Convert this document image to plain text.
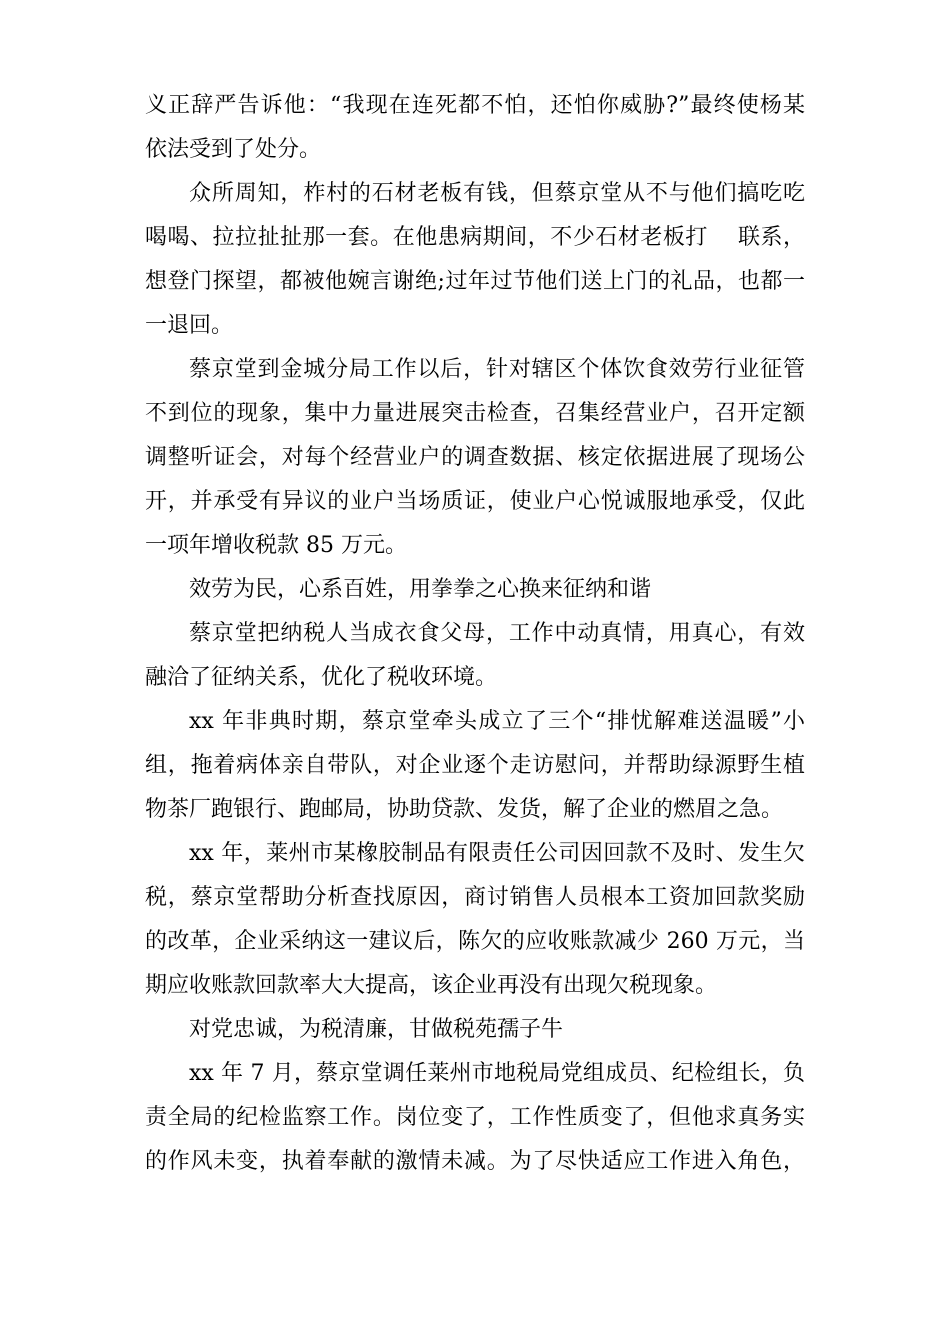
义正辞严告诉他：“我现在连死都不怕，还怕你威胁?”最终使杨某
依法受到了处分。
众所周知，柞村的石材老板有钱，但蔡京堂从不与他们搞吃吃
喝喝、拉拉扯扯那一套。在他患病期间，不少石材老板打　 联系，
想登门探望，都被他婉言谢绝;过年过节他们送上门的礼品，也都一
一退回。
蔡京堂到金城分局工作以后，针对辖区个体饮食效劳行业征管
不到位的现象，集中力量进展突击检查，召集经营业户，召开定额
调整听证会，对每个经营业户的调查数据、核定依据进展了现场公
开，并承受有异议的业户当场质证，使业户心悦诚服地承受，仅此
一项年增收税款 85 万元。
效劳为民，心系百姓，用拳拳之心换来征纳和谐
蔡京堂把纳税人当成衣食父母，工作中动真情，用真心，有效
融洽了征纳关系，优化了税收环境。
xx 年非典时期，蔡京堂牵头成立了三个“排忧解难送温暖”小
组，拖着病体亲自带队，对企业逐个走访慰问，并帮助绿源野生植
物茶厂跑银行、跑邮局，协助贷款、发货，解了企业的燃眉之急。
xx 年，莱州市某橡胶制品有限责任公司因回款不及时、发生欠
税，蔡京堂帮助分析查找原因，商讨销售人员根本工资加回款奖励
的改革，企业采纳这一建议后，陈欠的应收账款减少 260 万元，当
期应收账款回款率大大提高，该企业再没有出现欠税现象。
对党忠诚，为税清廉，甘做税苑孺子牛
xx 年 7 月，蔡京堂调任莱州市地税局党组成员、纪检组长，负
责全局的纪检监察工作。岗位变了，工作性质变了，但他求真务实
的作风未变，执着奉献的激情未减。为了尽快适应工作进入角色，
